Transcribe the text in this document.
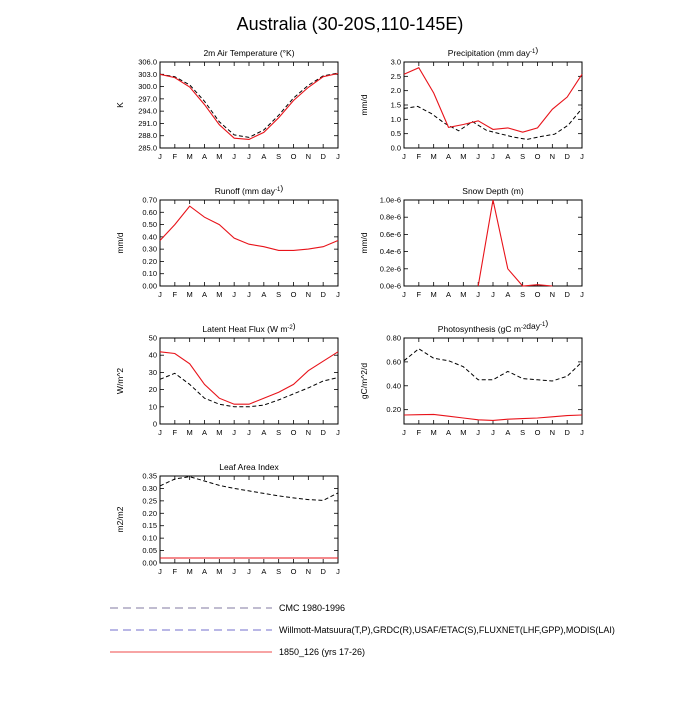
Australia (30-20S,110-145E)
2m Air Temperature (°K)
285.0
288.0
291.0
294.0
297.0
300.0
303.0
306.0
K
J F M A M J J A S O N D J
Precipitation (mm day$^{-1}$)
0.0
0.5
1.0
1.5
2.0
2.5
3.0
mm/d
J F M A M J J A S O N D J
Runoff (mm day$^{-1}$)
0.00
0.10
0.20
0.30
0.40
0.50
0.60
0.70
mm/d
J F M A M J J A S O N D J
Snow Depth (m)
0.0e-6
0.2e-6
0.4e-6
0.6e-6
0.8e-6
1.0e-6
mm/d
J F M A M J J A S O N D J
Latent Heat Flux (W $m^{-2}$)
0
10
20
30
40
50
W/m^2
J F M A M J J A S O N D J
Photosynthesis (gC $m^{-2}day^{-1}$)
0.20
0.40
0.60
0.80
gC/m^2/d
J F M A M J J A S O N D J
Leaf Area Index
0.00
0.05
0.10
0.15
0.20
0.25
0.30
0.35
m2/m2
J F M A M J J A S O N D J
CMC 1980-1996
Willmott-Matsuura(T,P),GRDC(R),USAF/ETAC(S),FLUXNET(LHF,GPP),MODIS(LAI)
1850_126 (yrs 17-26)
